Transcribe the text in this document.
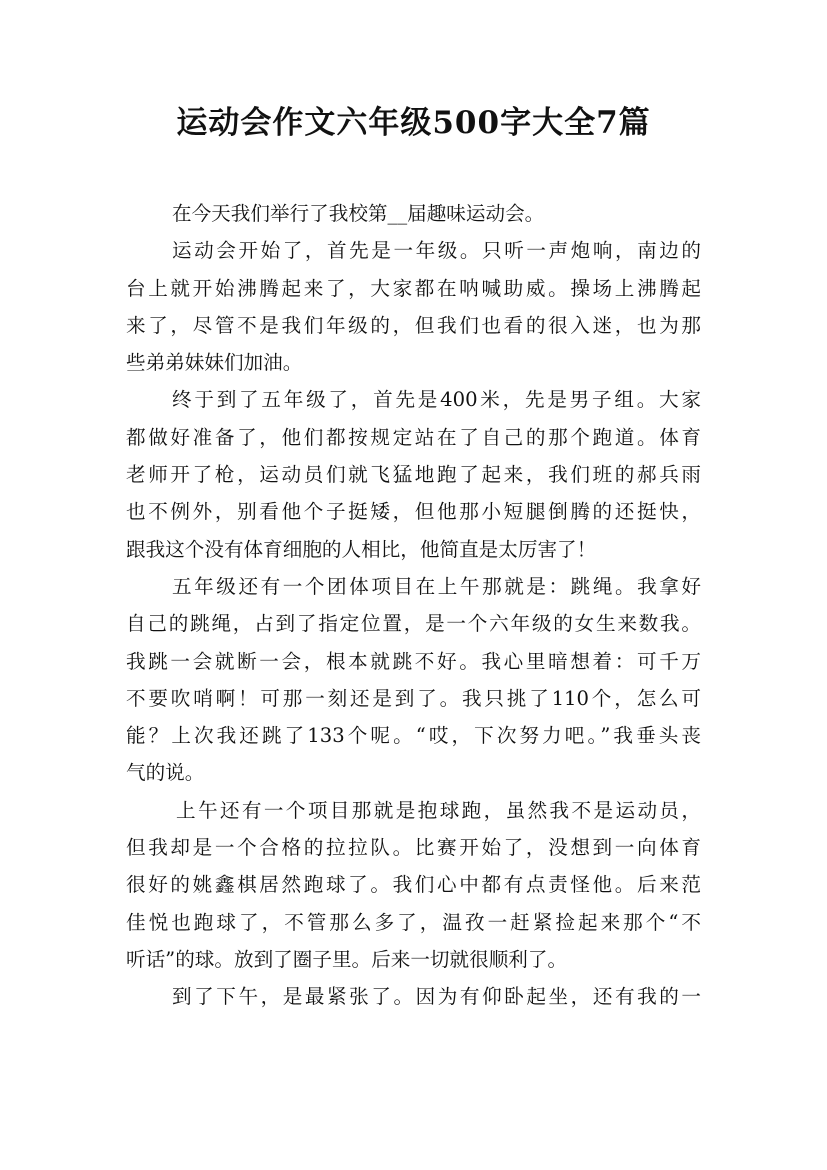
运动会作文六年级500字大全7篇

在今天我们举行了我校第__届趣味运动会。

运动会开始了，首先是一年级。只听一声炮响，南边的
台上就开始沸腾起来了，大家都在呐喊助威。操场上沸腾起
来了，尽管不是我们年级的，但我们也看的很入迷，也为那
些弟弟妹妹们加油。

终于到了五年级了，首先是400米，先是男子组。大家
都做好准备了，他们都按规定站在了自己的那个跑道。体育
老师开了枪，运动员们就飞猛地跑了起来，我们班的郝兵雨
也不例外，别看他个子挺矮，但他那小短腿倒腾的还挺快，
跟我这个没有体育细胞的人相比，他简直是太厉害了！

五年级还有一个团体项目在上午那就是：跳绳。我拿好
自己的跳绳，占到了指定位置，是一个六年级的女生来数我。
我跳一会就断一会，根本就跳不好。我心里暗想着：可千万
不要吹哨啊！可那一刻还是到了。我只挑了110个，怎么可
能？上次我还跳了133个呢。“哎，下次努力吧。”我垂头丧
气的说。

上午还有一个项目那就是抱球跑，虽然我不是运动员，
但我却是一个合格的拉拉队。比赛开始了，没想到一向体育
很好的姚鑫棋居然跑球了。我们心中都有点责怪他。后来范
佳悦也跑球了，不管那么多了，温孜一赶紧捡起来那个“不
听话”的球。放到了圈子里。后来一切就很顺利了。

到了下午，是最紧张了。因为有仰卧起坐，还有我的一
